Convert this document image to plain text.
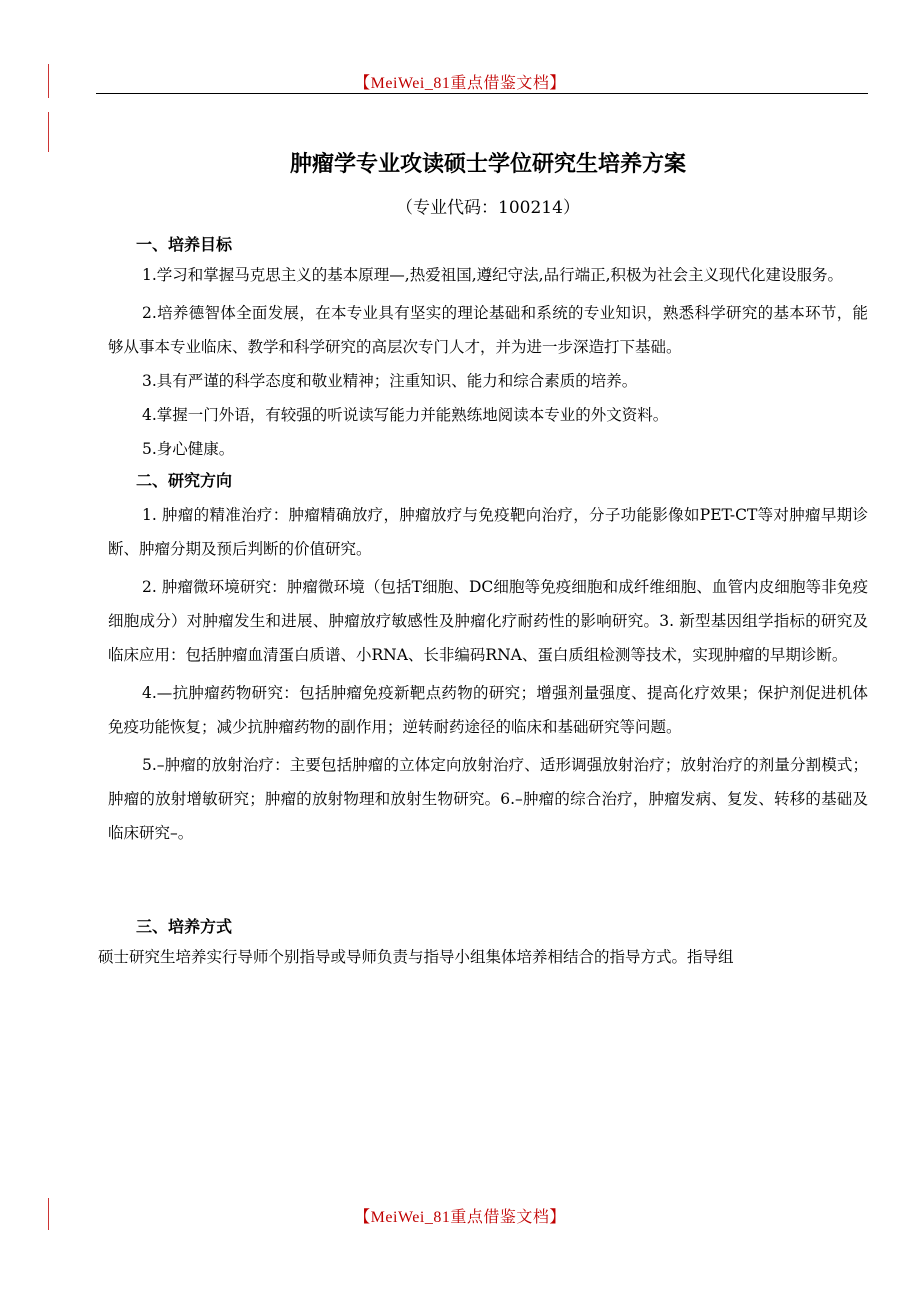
【MeiWei_81重点借鉴文档】
肿瘤学专业攻读硕士学位研究生培养方案
（专业代码：100214）
一、培养目标

1.学习和掌握马克思主义的基本原理—,热爱祖国,遵纪守法,品行端正,积极为社会主义现代化建设服务。

2.培养德智体全面发展，在本专业具有坚实的理论基础和系统的专业知识，熟悉科学研究的基本环节，能够从事本专业临床、教学和科学研究的高层次专门人才，并为进一步深造打下基础。

3.具有严谨的科学态度和敬业精神；注重知识、能力和综合素质的培养。

4.掌握一门外语，有较强的听说读写能力并能熟练地阅读本专业的外文资料。

5.身心健康。

二、研究方向

1. 肿瘤的精准治疗：肿瘤精确放疗，肿瘤放疗与免疫靶向治疗，分子功能影像如PET-CT等对肿瘤早期诊断、肿瘤分期及预后判断的价值研究。

2. 肿瘤微环境研究：肿瘤微环境（包括T细胞、DC细胞等免疫细胞和成纤维细胞、血管内皮细胞等非免疫细胞成分）对肿瘤发生和进展、肿瘤放疗敏感性及肿瘤化疗耐药性的影响研究。3. 新型基因组学指标的研究及临床应用：包括肿瘤血清蛋白质谱、小RNA、长非编码RNA、蛋白质组检测等技术，实现肿瘤的早期诊断。

4.—抗肿瘤药物研究：包括肿瘤免疫新靶点药物的研究；增强剂量强度、提高化疗效果；保护剂促进机体免疫功能恢复；减少抗肿瘤药物的副作用；逆转耐药途径的临床和基础研究等问题。

5.–肿瘤的放射治疗：主要包括肿瘤的立体定向放射治疗、适形调强放射治疗；放射治疗的剂量分割模式；肿瘤的放射增敏研究；肿瘤的放射物理和放射生物研究。6.–肿瘤的综合治疗，肿瘤发病、复发、转移的基础及临床研究–。

三、培养方式

硕士研究生培养实行导师个别指导或导师负责与指导小组集体培养相结合的指导方式。指导组

【MeiWei_81重点借鉴文档】
